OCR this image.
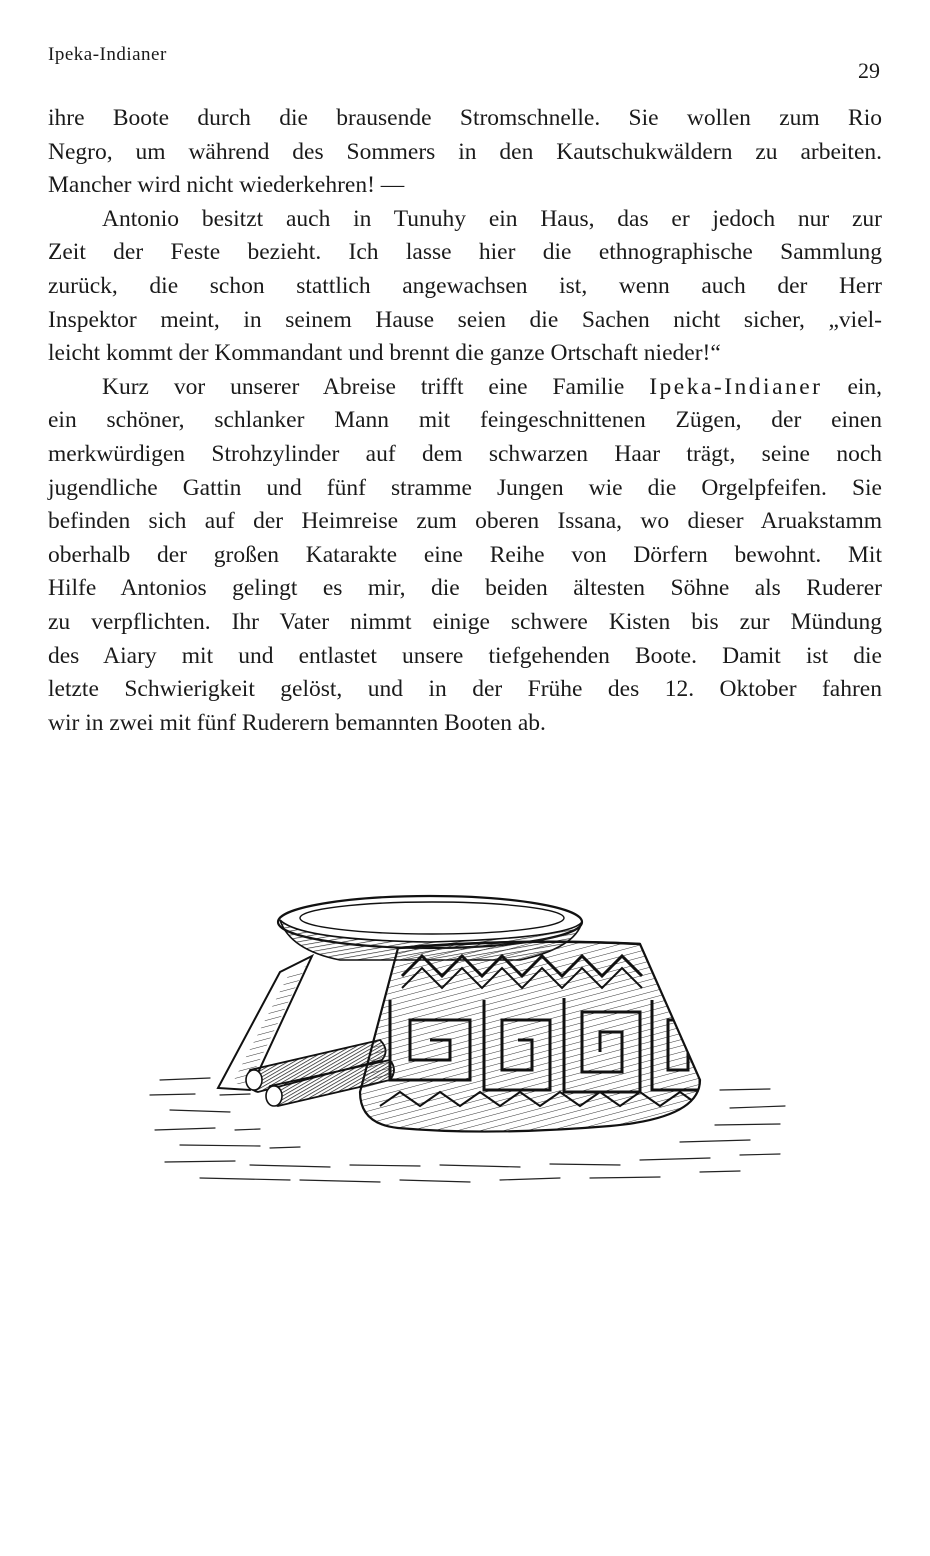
Ipeka-Indianer
29
ihre Boote durch die brausende Stromschnelle. Sie wollen zum Rio
Negro, um während des Sommers in den Kautschukwäldern zu arbeiten.
Mancher wird nicht wiederkehren! —
Antonio besitzt auch in Tunuhy ein Haus, das er jedoch nur zur
Zeit der Feste bezieht. Ich lasse hier die ethnographische Sammlung
zurück, die schon stattlich angewachsen ist, wenn auch der Herr
Inspektor meint, in seinem Hause seien die Sachen nicht sicher, „viel-
leicht kommt der Kommandant und brennt die ganze Ortschaft nieder!“
Kurz vor unserer Abreise trifft eine Familie Ipeka-Indianer ein,
ein schöner, schlanker Mann mit feingeschnittenen Zügen, der einen
merkwürdigen Strohzylinder auf dem schwarzen Haar trägt, seine noch
jugendliche Gattin und fünf stramme Jungen wie die Orgelpfeifen. Sie
befinden sich auf der Heimreise zum oberen Issana, wo dieser Aruakstamm
oberhalb der großen Katarakte eine Reihe von Dörfern bewohnt. Mit
Hilfe Antonios gelingt es mir, die beiden ältesten Söhne als Ruderer
zu verpflichten. Ihr Vater nimmt einige schwere Kisten bis zur Mündung
des Aiary mit und entlastet unsere tiefgehenden Boote. Damit ist die
letzte Schwierigkeit gelöst, und in der Frühe des 12. Oktober fahren
wir in zwei mit fünf Ruderern bemannten Booten ab.
